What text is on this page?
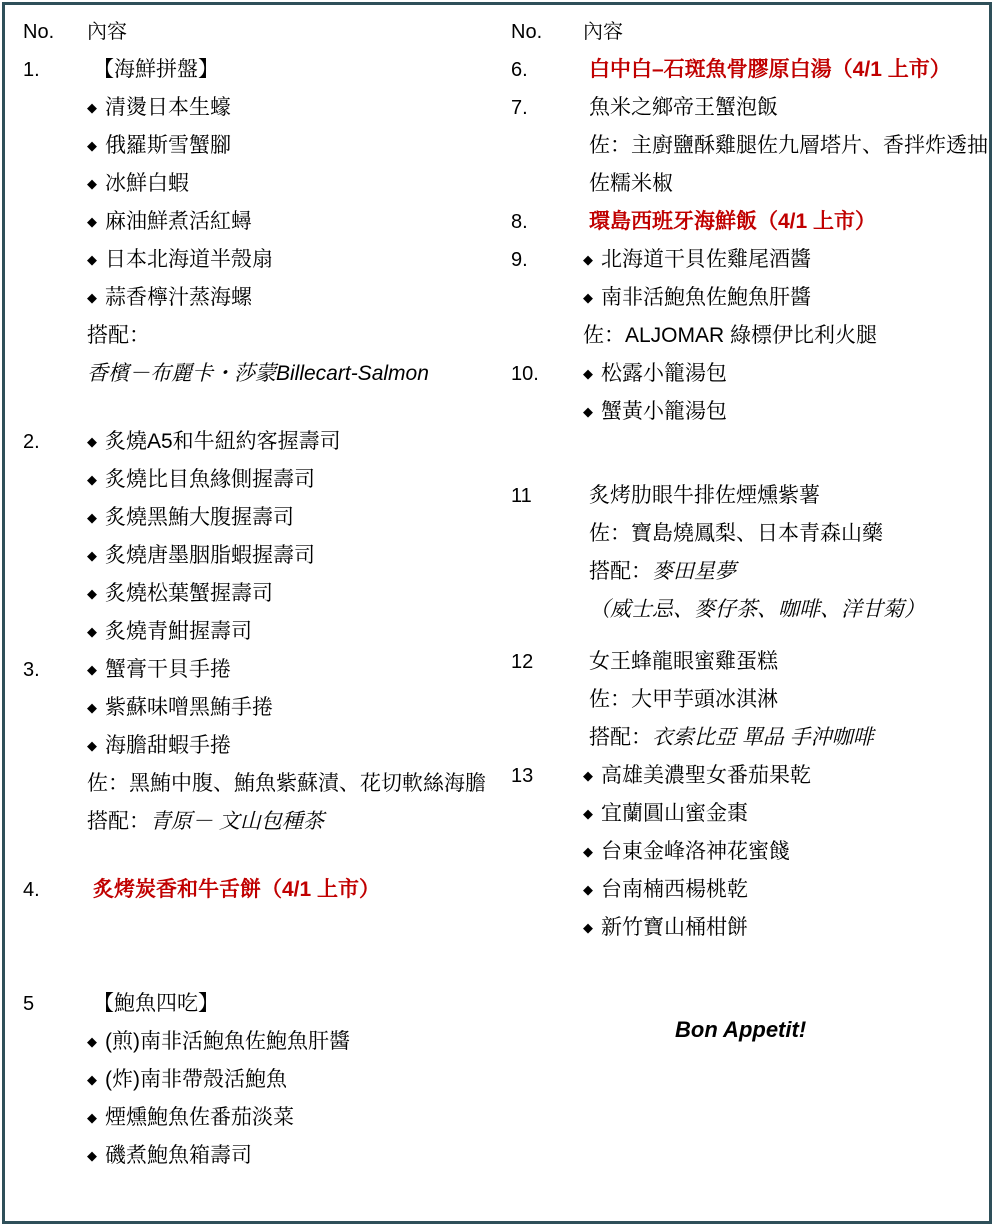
No.	內容
1.	【海鮮拼盤】
◆ 清燙日本生蠔
◆ 俄羅斯雪蟹腳
◆ 冰鮮白蝦
◆ 麻油鮮煮活紅蟳
◆ 日本北海道半殼扇
◆ 蒜香檸汁蒸海螺
搭配：
香檳－布麗卡・莎蒙Billecart-Salmon
2.	◆ 炙燒A5和牛紐約客握壽司
◆ 炙燒比目魚緣側握壽司
◆ 炙燒黑鮪大腹握壽司
◆ 炙燒唐墨胭脂蝦握壽司
◆ 炙燒松葉蟹握壽司
◆ 炙燒青魽握壽司
3.	◆ 蟹膏干貝手捲
◆ 紫蘇味噌黑鮪手捲
◆ 海膽甜蝦手捲
佐：黑鮪中腹、鮪魚紫蘇漬、花切軟絲海膽
搭配：青原－ 文山包種茶
4.	炙烤炭香和牛舌餅（4/1 上市）
5	【鮑魚四吃】
◆ (煎)南非活鮑魚佐鮑魚肝醬
◆ (炸)南非帶殼活鮑魚
◆ 煙燻鮑魚佐番茄淡菜
◆ 磯煮鮑魚箱壽司
No.	內容
6.	白中白–石斑魚骨膠原白湯（4/1 上市）
7.	魚米之鄉帝王蟹泡飯
佐：主廚鹽酥雞腿佐九層塔片、香拌炸透抽佐糯米椒
8.	環島西班牙海鮮飯（4/1 上市）
9.	◆ 北海道干貝佐雞尾酒醬
◆ 南非活鮑魚佐鮑魚肝醬
佐：ALJOMAR 綠標伊比利火腿
10.	◆ 松露小籠湯包
◆ 蟹黃小籠湯包
11	炙烤肋眼牛排佐煙燻紫薯
佐：寶島燒鳳梨、日本青森山藥
搭配：麥田星夢
（威士忌、麥仔茶、咖啡、洋甘菊）
12	女王蜂龍眼蜜雞蛋糕
佐：大甲芋頭冰淇淋
搭配：衣索比亞 單品 手沖咖啡
13	◆ 高雄美濃聖女番茄果乾
◆ 宜蘭圓山蜜金棗
◆ 台東金峰洛神花蜜餞
◆ 台南楠西楊桃乾
◆ 新竹寶山桶柑餅
Bon Appetit!
